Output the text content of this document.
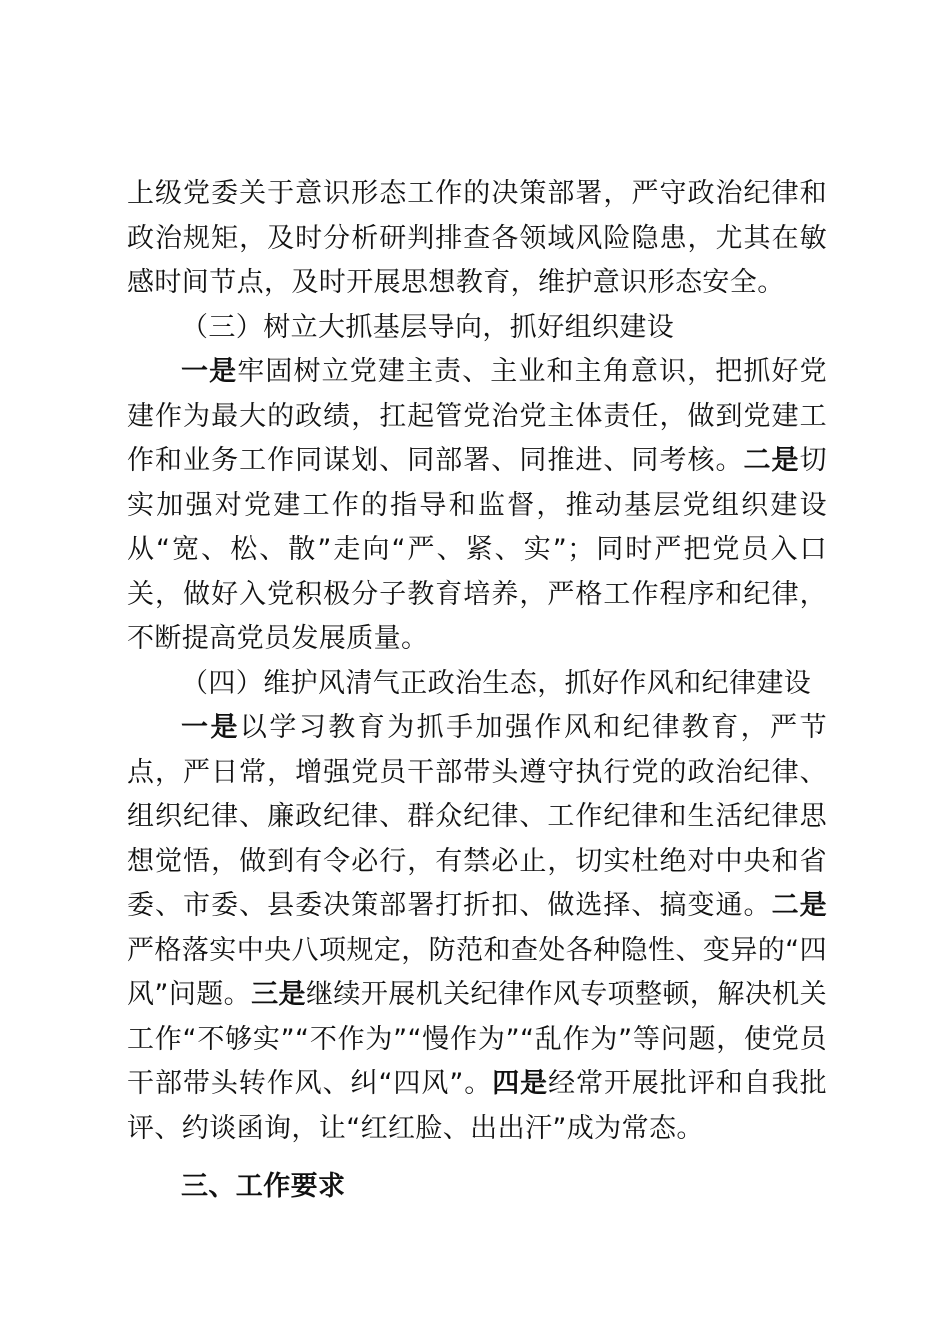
上级党委关于意识形态工作的决策部署，严守政治纪律和政治规矩，及时分析研判排查各领域风险隐患，尤其在敏感时间节点，及时开展思想教育，维护意识形态安全。

（三）树立大抓基层导向，抓好组织建设

一是牢固树立党建主责、主业和主角意识，把抓好党建作为最大的政绩，扛起管党治党主体责任，做到党建工作和业务工作同谋划、同部署、同推进、同考核。二是切实加强对党建工作的指导和监督，推动基层党组织建设从“宽、松、散”走向“严、紧、实”；同时严把党员入口关，做好入党积极分子教育培养，严格工作程序和纪律，不断提高党员发展质量。

（四）维护风清气正政治生态，抓好作风和纪律建设

一是以学习教育为抓手加强作风和纪律教育，严节点，严日常，增强党员干部带头遵守执行党的政治纪律、组织纪律、廉政纪律、群众纪律、工作纪律和生活纪律思想觉悟，做到有令必行，有禁必止，切实杜绝对中央和省委、市委、县委决策部署打折扣、做选择、搞变通。二是严格落实中央八项规定，防范和查处各种隐性、变异的“四风”问题。三是继续开展机关纪律作风专项整顿，解决机关工作“不够实”“不作为”“慢作为”“乱作为”等问题，使党员干部带头转作风、纠“四风”。四是经常开展批评和自我批评、约谈函询，让“红红脸、出出汗”成为常态。

三、工作要求
